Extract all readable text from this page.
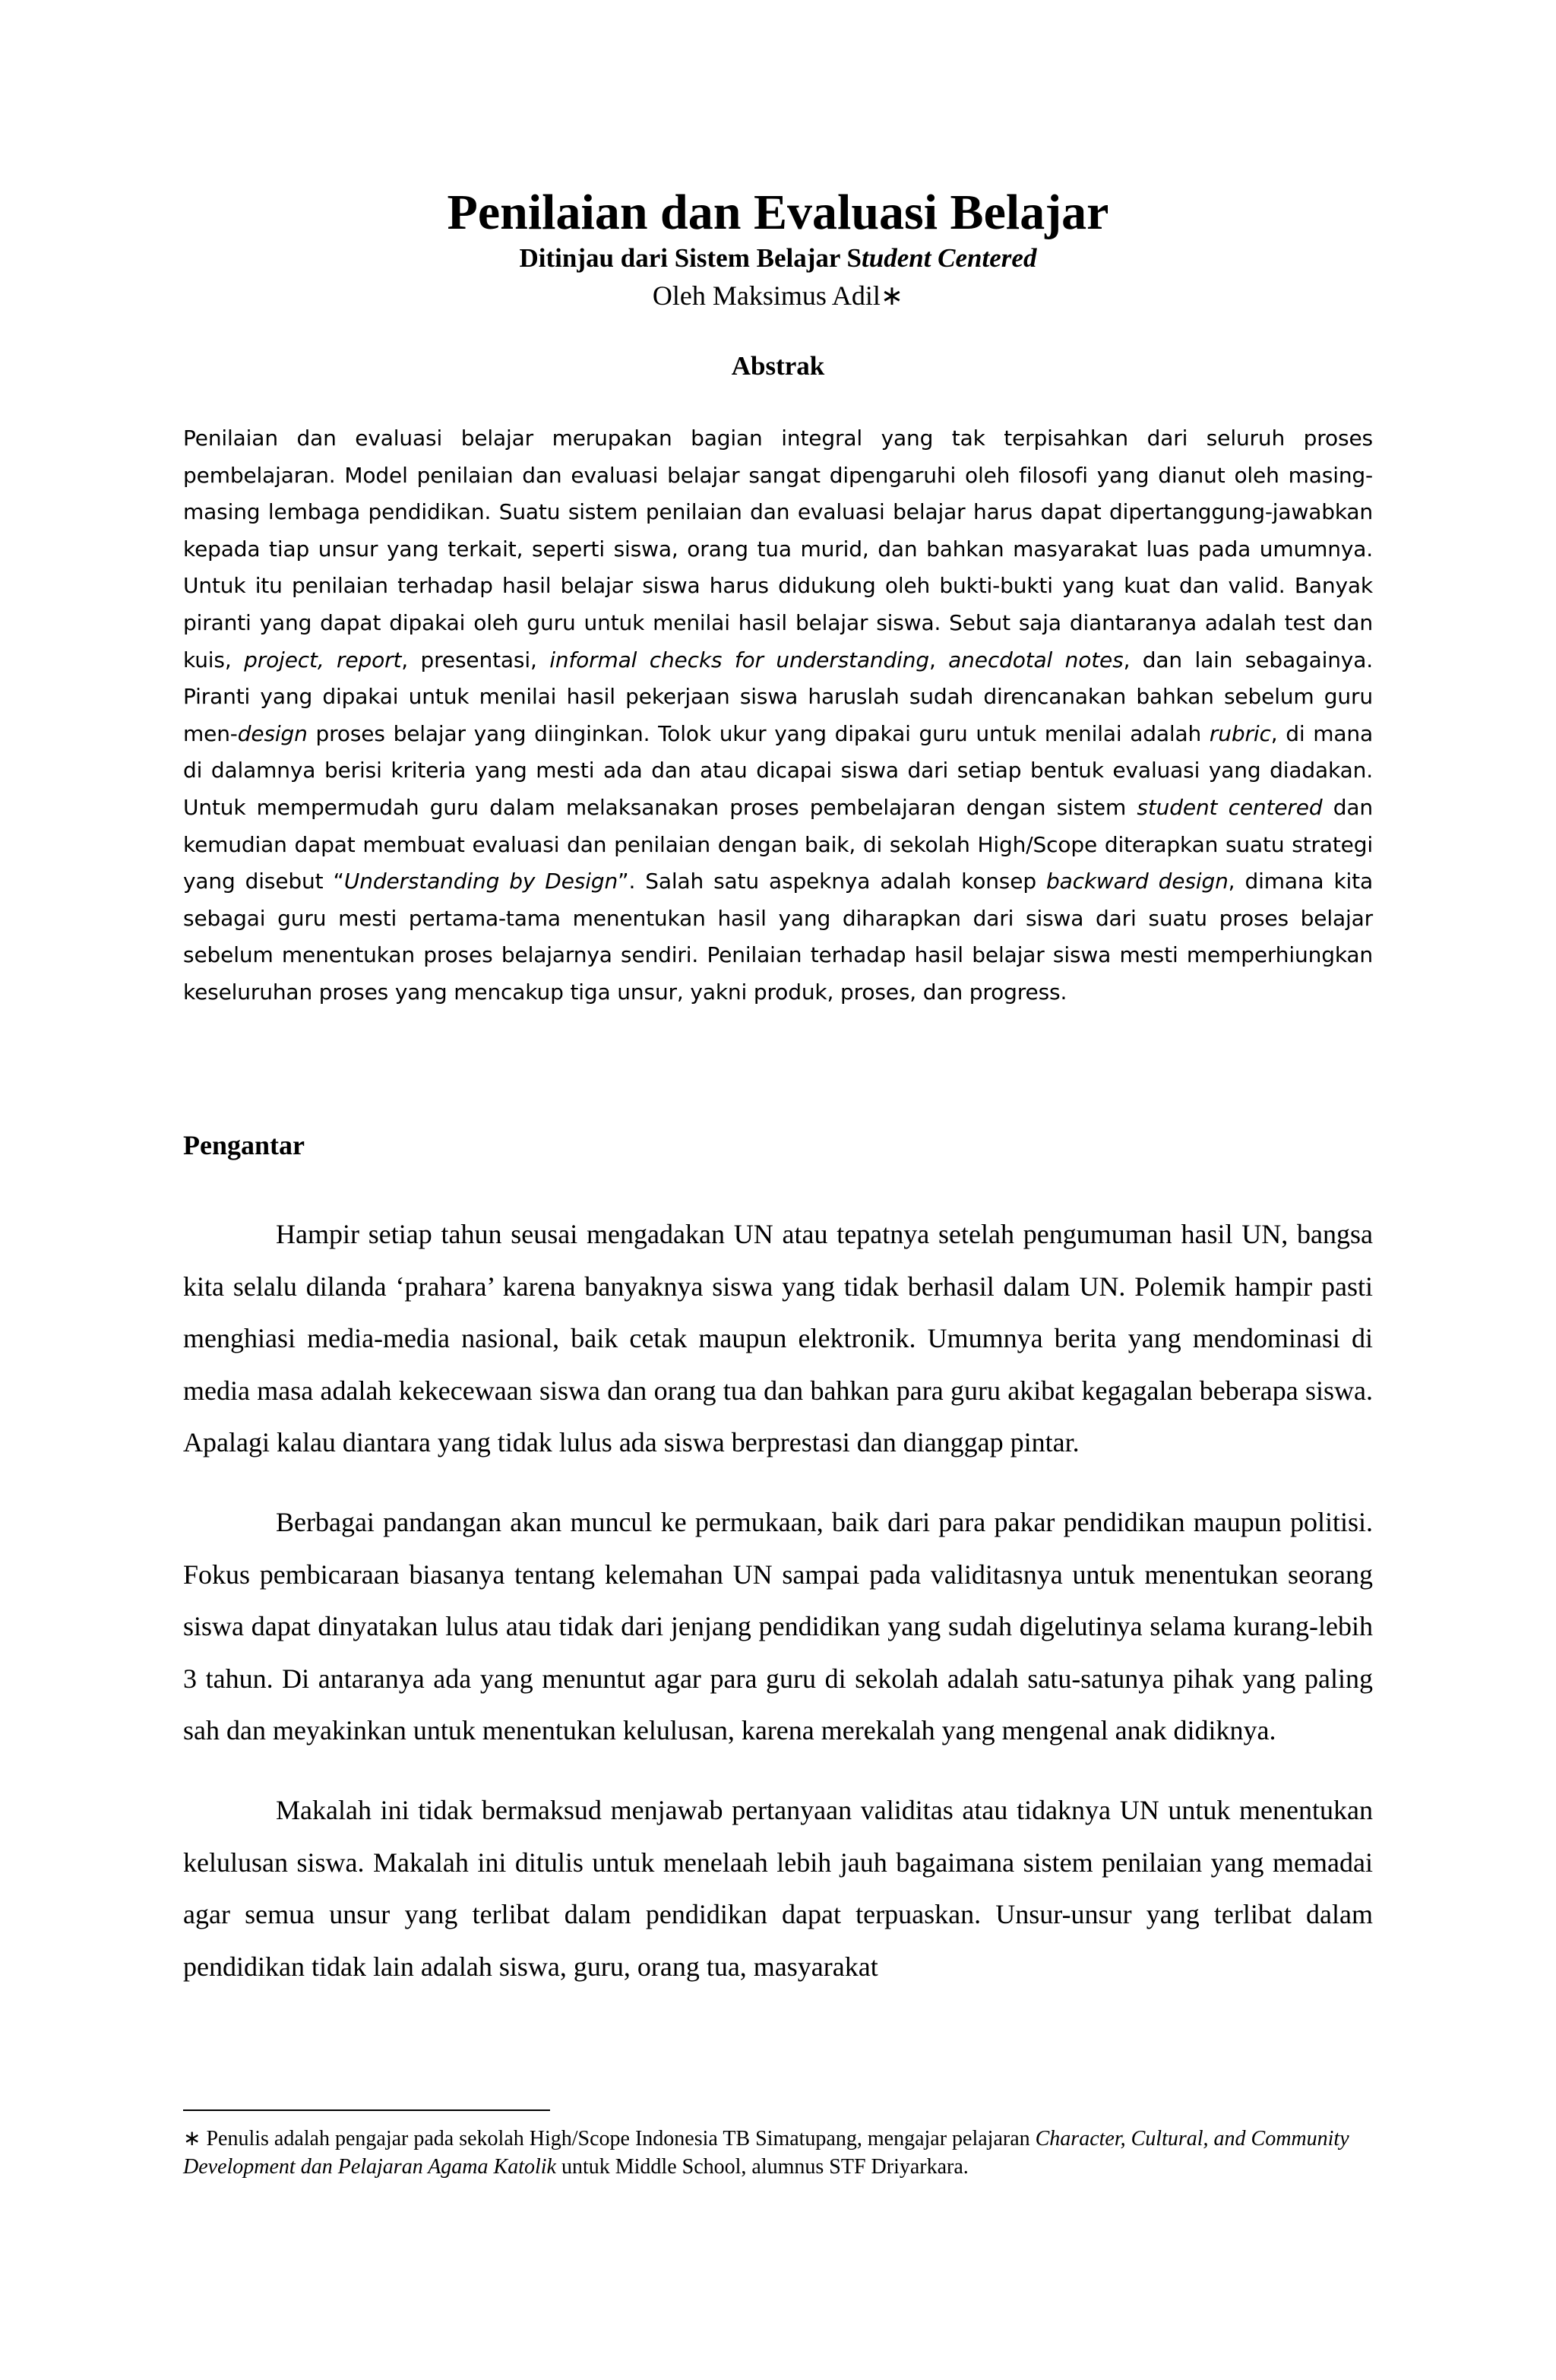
Penilaian dan Evaluasi Belajar
Ditinjau dari Sistem Belajar Student Centered
Oleh Maksimus Adil∗
Abstrak

Penilaian dan evaluasi belajar merupakan bagian integral yang tak terpisahkan dari seluruh proses pembelajaran. Model penilaian dan evaluasi belajar sangat dipengaruhi oleh filosofi yang dianut oleh masing-masing lembaga pendidikan. Suatu sistem penilaian dan evaluasi belajar harus dapat dipertanggung-jawabkan kepada tiap unsur yang terkait, seperti siswa, orang tua murid, dan bahkan masyarakat luas pada umumnya. Untuk itu penilaian terhadap hasil belajar siswa harus didukung oleh bukti-bukti yang kuat dan valid. Banyak piranti yang dapat dipakai oleh guru untuk menilai hasil belajar siswa. Sebut saja diantaranya adalah test dan kuis, project, report, presentasi, informal checks for understanding, anecdotal notes, dan lain sebagainya. Piranti yang dipakai untuk menilai hasil pekerjaan siswa haruslah sudah direncanakan bahkan sebelum guru men-design proses belajar yang diinginkan. Tolok ukur yang dipakai guru untuk menilai adalah rubric, di mana di dalamnya berisi kriteria yang mesti ada dan atau dicapai siswa dari setiap bentuk evaluasi yang diadakan. Untuk mempermudah guru dalam melaksanakan proses pembelajaran dengan sistem student centered dan kemudian dapat membuat evaluasi dan penilaian dengan baik, di sekolah High/Scope diterapkan suatu strategi yang disebut “Understanding by Design”. Salah satu aspeknya adalah konsep backward design, dimana kita sebagai guru mesti pertama-tama menentukan hasil yang diharapkan dari siswa dari suatu proses belajar sebelum menentukan proses belajarnya sendiri. Penilaian terhadap hasil belajar siswa mesti memperhiungkan keseluruhan proses yang mencakup tiga unsur, yakni produk, proses, dan progress.

Pengantar

Hampir setiap tahun seusai mengadakan UN atau tepatnya setelah pengumuman hasil UN, bangsa kita selalu dilanda ‘prahara’ karena banyaknya siswa yang tidak berhasil dalam UN. Polemik hampir pasti menghiasi media-media nasional, baik cetak maupun elektronik. Umumnya berita yang mendominasi di media masa adalah kekecewaan siswa dan orang tua dan bahkan para guru akibat kegagalan beberapa siswa. Apalagi kalau diantara yang tidak lulus ada siswa berprestasi dan dianggap pintar.

Berbagai pandangan akan muncul ke permukaan, baik dari para pakar pendidikan maupun politisi. Fokus pembicaraan biasanya tentang kelemahan UN sampai pada validitasnya untuk menentukan seorang siswa dapat dinyatakan lulus atau tidak dari jenjang pendidikan yang sudah digelutinya selama kurang-lebih 3 tahun. Di antaranya ada yang menuntut agar para guru di sekolah adalah satu-satunya pihak yang paling sah dan meyakinkan untuk menentukan kelulusan, karena merekalah yang mengenal anak didiknya.

Makalah ini tidak bermaksud menjawab pertanyaan validitas atau tidaknya UN untuk menentukan kelulusan siswa. Makalah ini ditulis untuk menelaah lebih jauh bagaimana sistem penilaian yang memadai agar semua unsur yang terlibat dalam pendidikan dapat terpuaskan. Unsur-unsur yang terlibat dalam pendidikan tidak lain adalah siswa, guru, orang tua, masyarakat

∗ Penulis adalah pengajar pada sekolah High/Scope Indonesia TB Simatupang, mengajar pelajaran Character, Cultural, and Community Development dan Pelajaran Agama Katolik untuk Middle School, alumnus STF Driyarkara.
